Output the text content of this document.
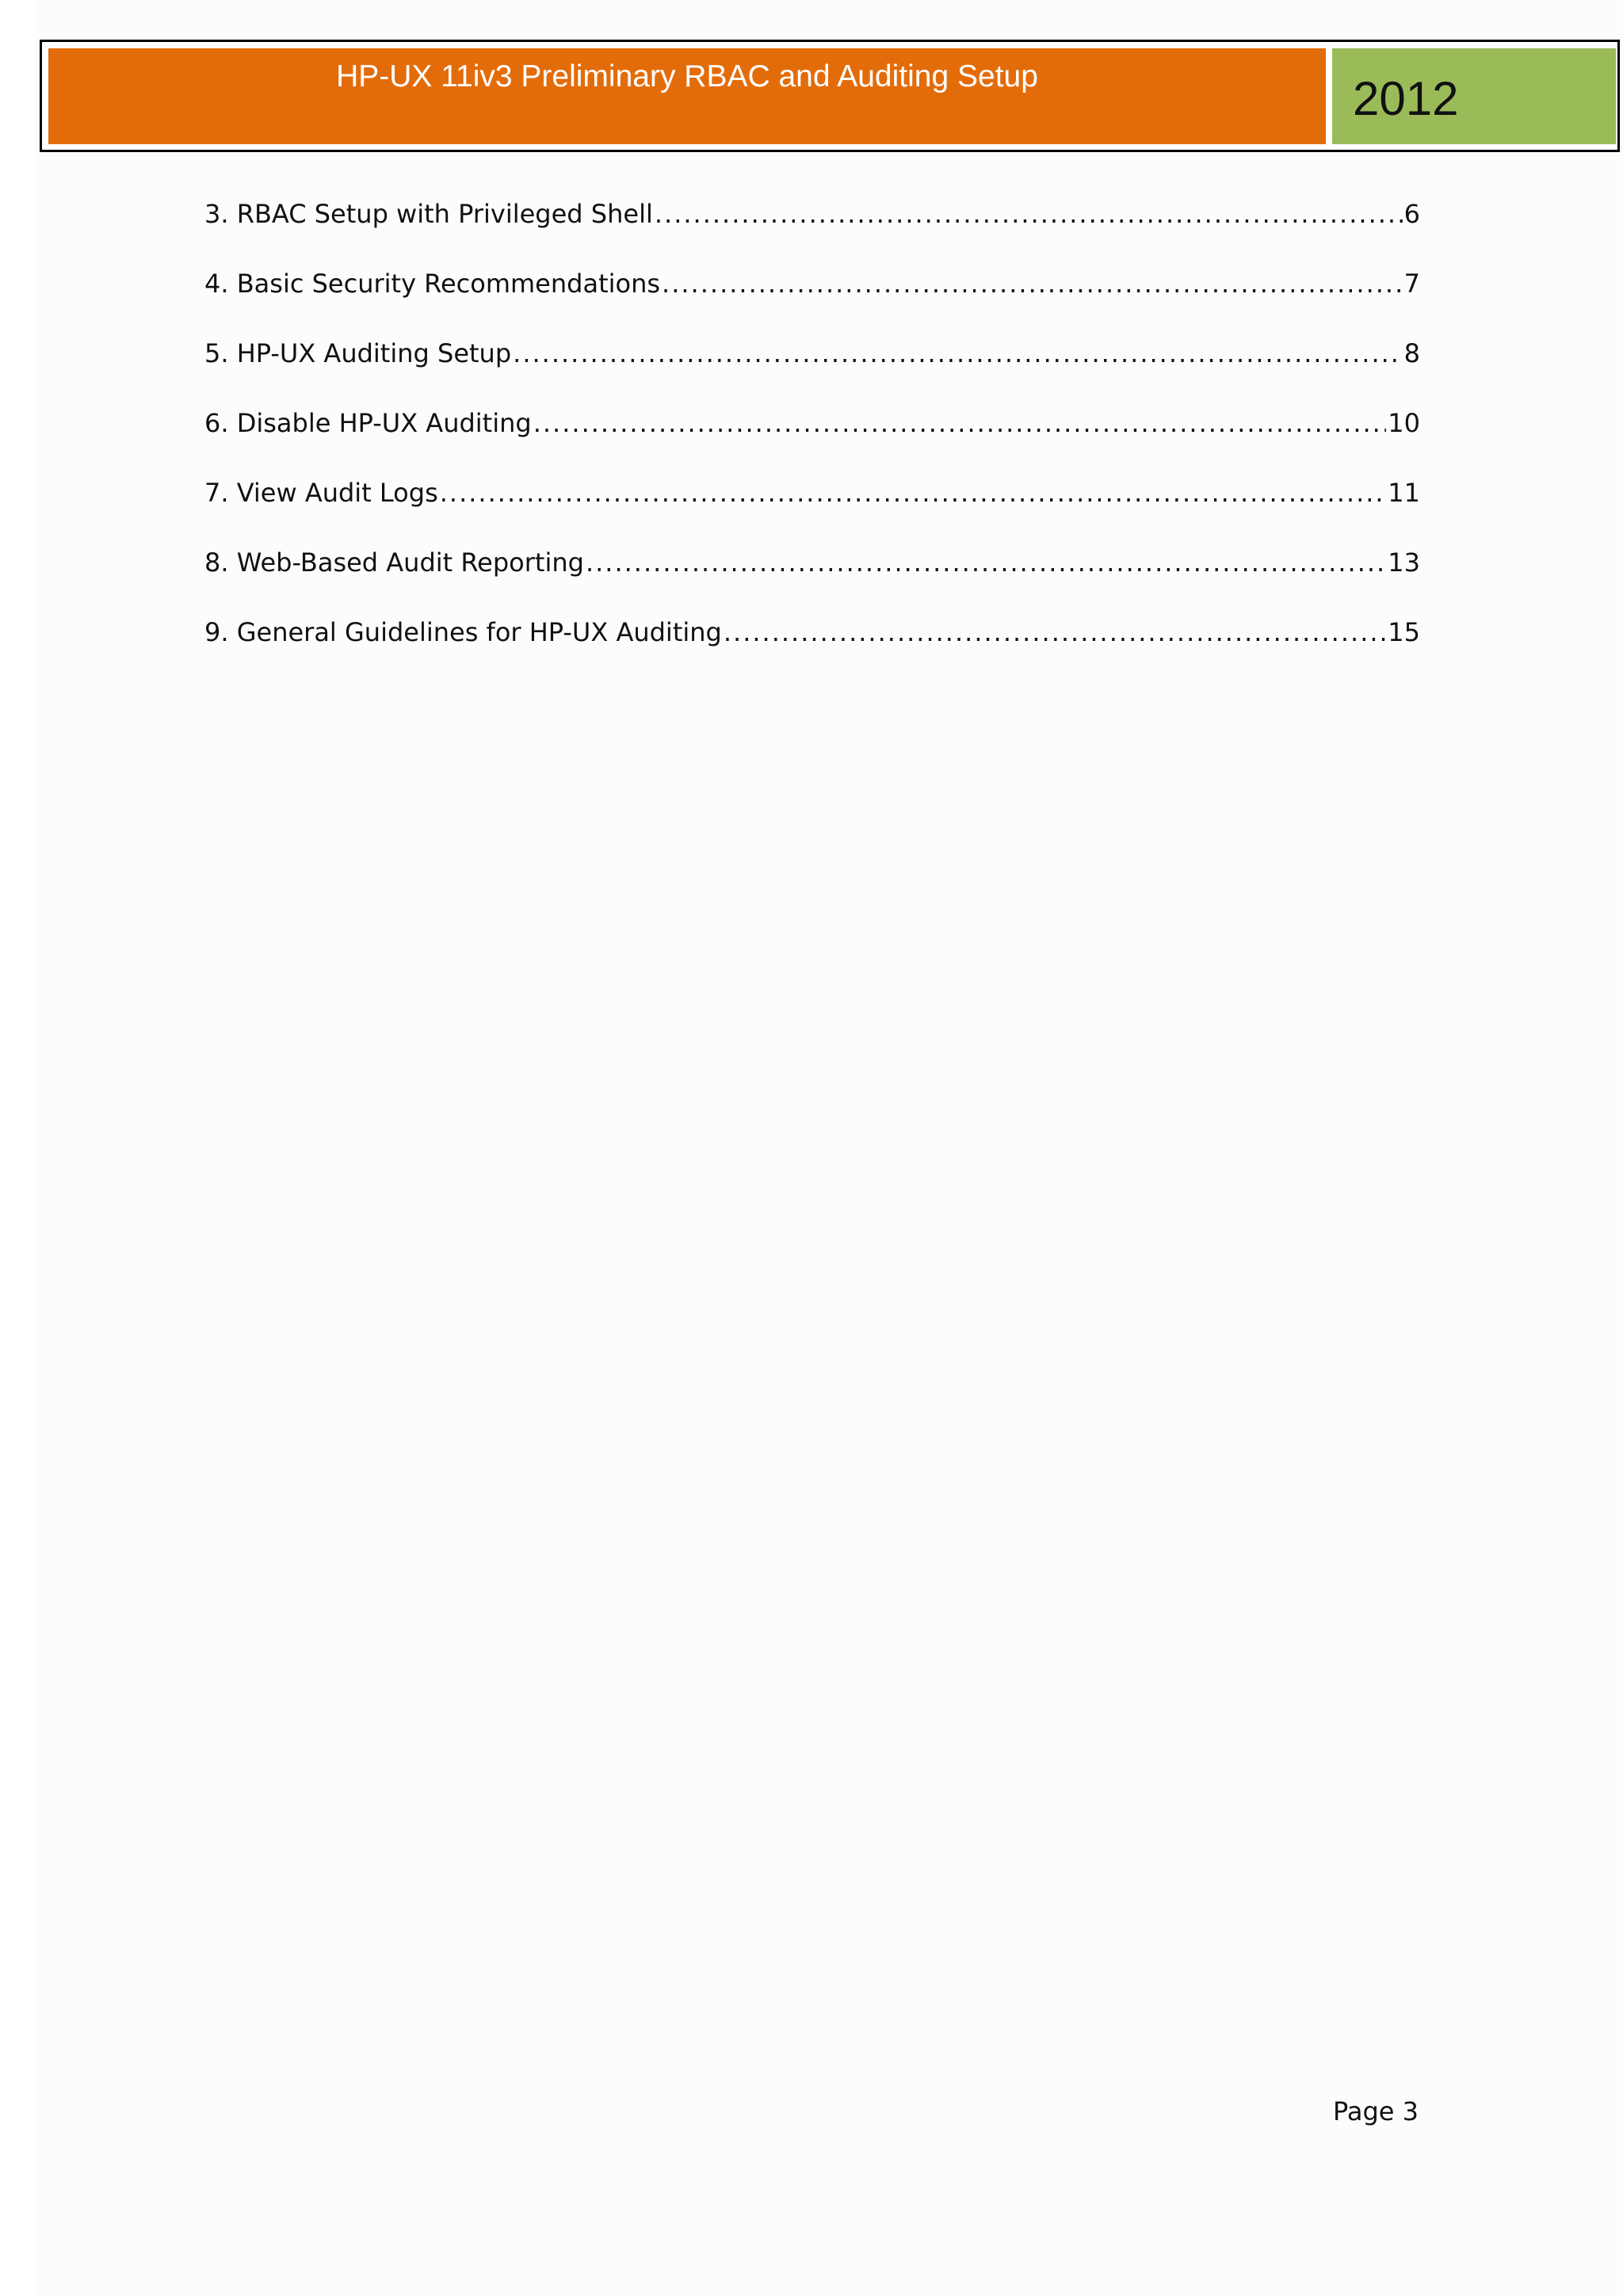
HP-UX 11iv3 Preliminary RBAC and Auditing Setup	2012
3. RBAC Setup with Privileged Shell .....	6
4. Basic Security Recommendations .....	7
5. HP-UX Auditing Setup .....	8
6. Disable HP-UX Auditing .....	10
7. View Audit Logs .....	11
8. Web-Based Audit Reporting .....	13
9. General Guidelines for HP-UX Auditing .....	15
Page 3
